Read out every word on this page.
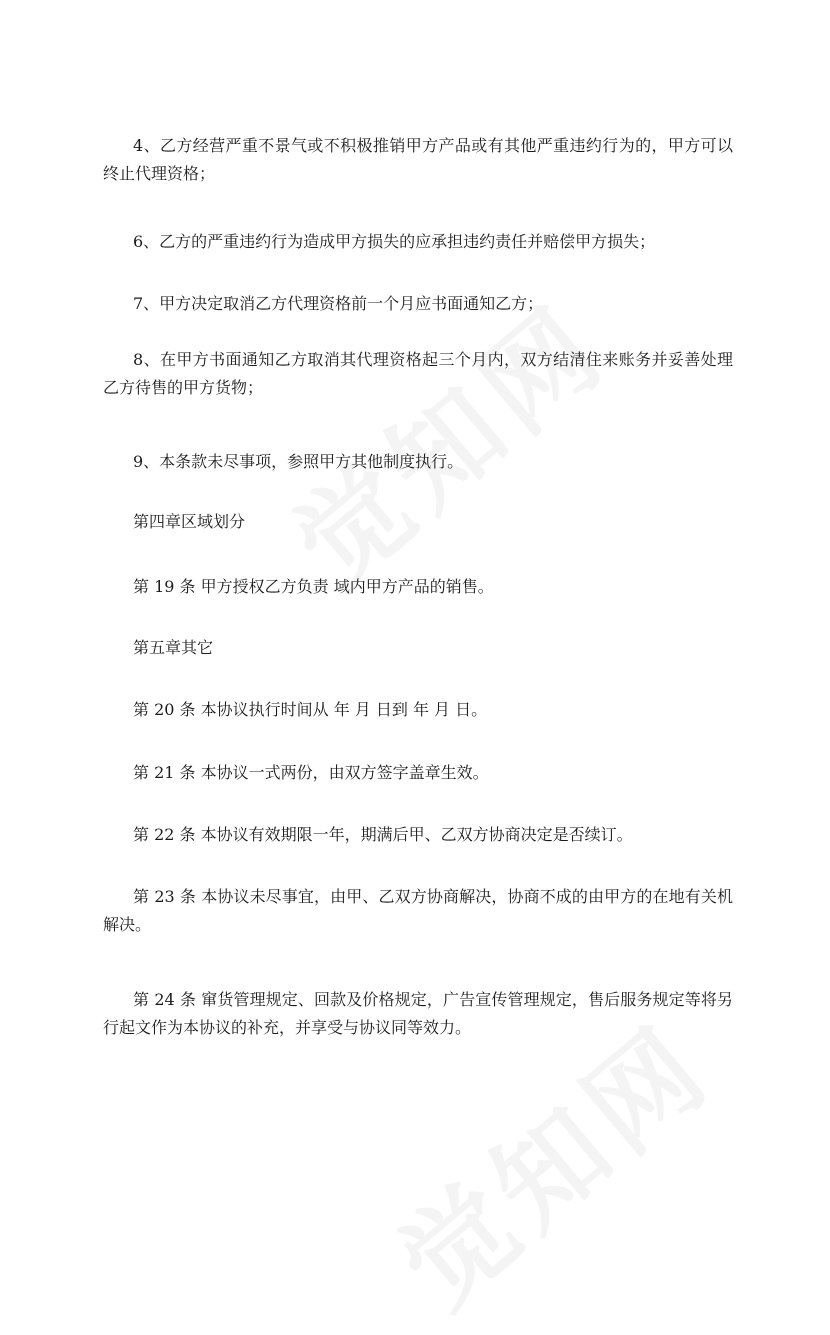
4、乙方经营严重不景气或不积极推销甲方产品或有其他严重违约行为的，甲方可以终止代理资格；

6、乙方的严重违约行为造成甲方损失的应承担违约责任并赔偿甲方损失；

7、甲方决定取消乙方代理资格前一个月应书面通知乙方；

8、在甲方书面通知乙方取消其代理资格起三个月内，双方结清住来账务并妥善处理乙方待售的甲方货物；

9、本条款未尽事项，参照甲方其他制度执行。

第四章区域划分

第 19 条 甲方授权乙方负责 域内甲方产品的销售。

第五章其它

第 20 条 本协议执行时间从 年 月 日到 年 月 日。

第 21 条 本协议一式两份，由双方签字盖章生效。

第 22 条 本协议有效期限一年，期满后甲、乙双方协商决定是否续订。

第 23 条 本协议未尽事宜，由甲、乙双方协商解决，协商不成的由甲方的在地有关机解决。

第 24 条 窜货管理规定、回款及价格规定，广告宣传管理规定，售后服务规定等将另行起文作为本协议的补充，并享受与协议同等效力。
